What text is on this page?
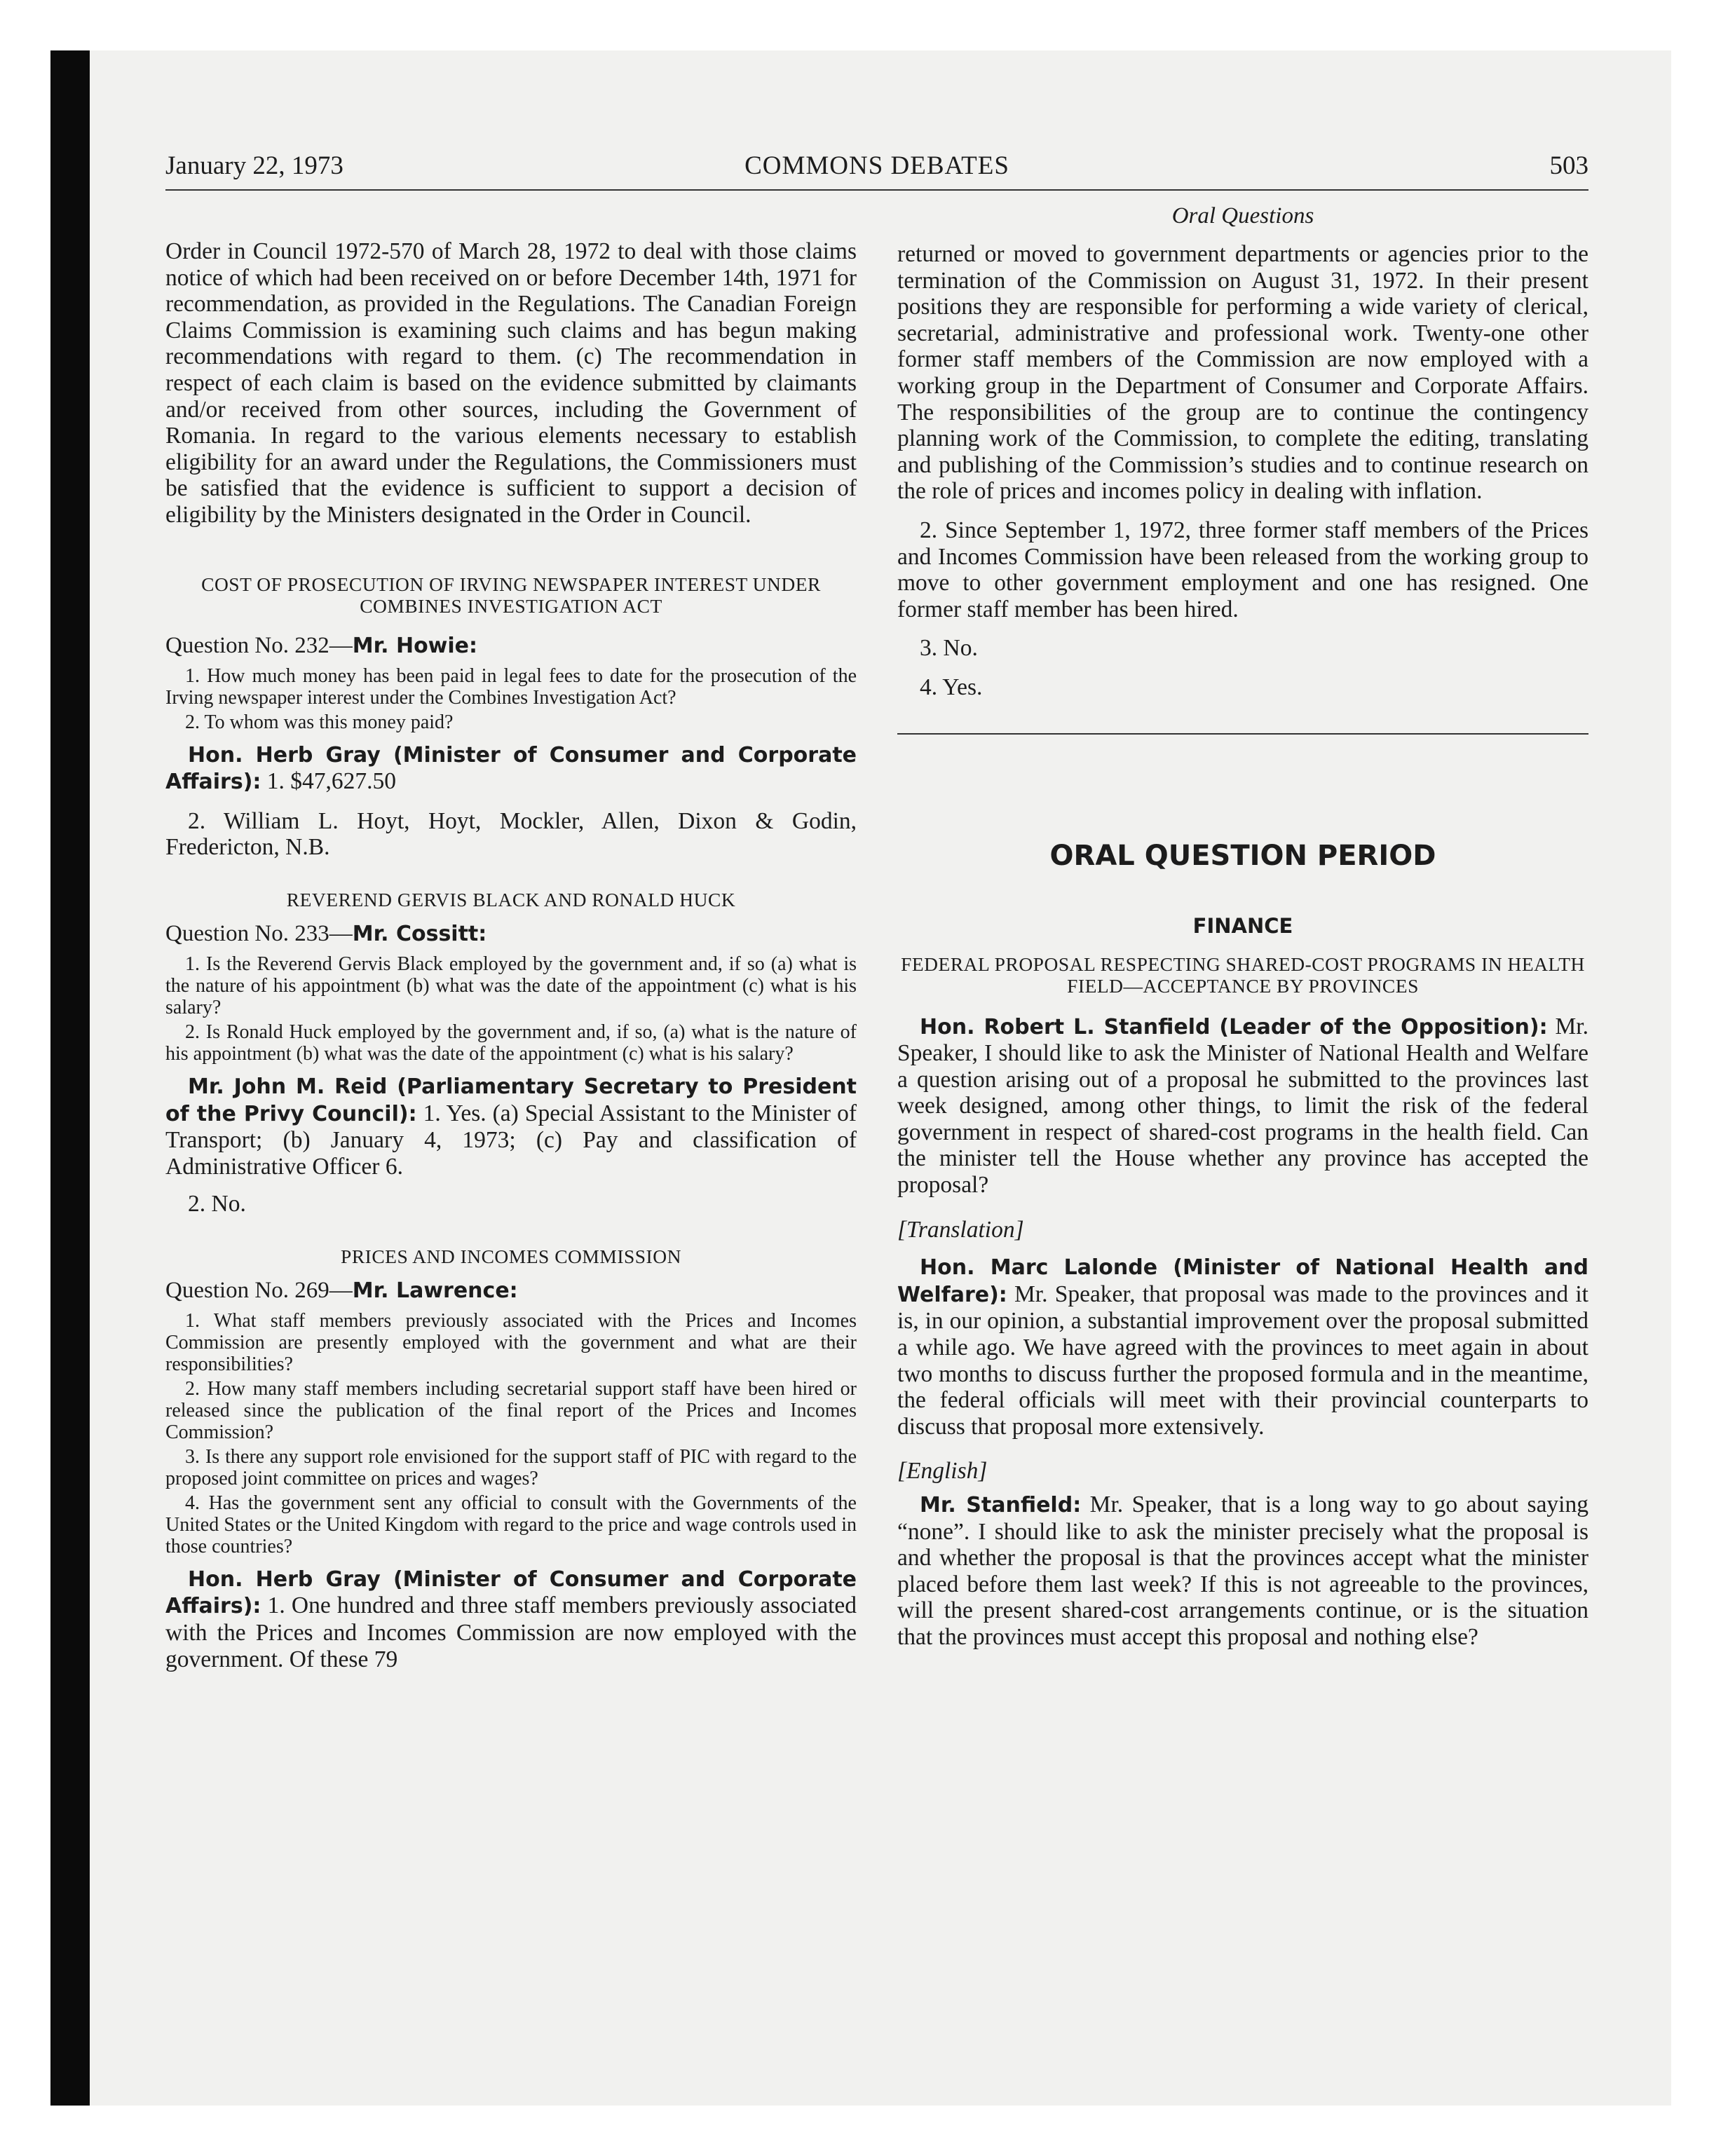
January 22, 1973	COMMONS DEBATES	503
Oral Questions

Order in Council 1972-570 of March 28, 1972 to deal with those claims notice of which had been received on or before December 14th, 1971 for recommendation, as provided in the Regulations. The Canadian Foreign Claims Commission is examining such claims and has begun making recommendations with regard to them. (c) The recommendation in respect of each claim is based on the evidence submitted by claimants and/or received from other sources, including the Government of Romania. In regard to the various elements necessary to establish eligibility for an award under the Regulations, the Commissioners must be satisfied that the evidence is sufficient to support a decision of eligibility by the Ministers designated in the Order in Council.

COST OF PROSECUTION OF IRVING NEWSPAPER INTEREST UNDER COMBINES INVESTIGATION ACT

Question No. 232—Mr. Howie:

1. How much money has been paid in legal fees to date for the prosecution of the Irving newspaper interest under the Combines Investigation Act?

2. To whom was this money paid?

Hon. Herb Gray (Minister of Consumer and Corporate Affairs): 1. $47,627.50

2. William L. Hoyt, Hoyt, Mockler, Allen, Dixon & Godin, Fredericton, N.B.

REVEREND GERVIS BLACK AND RONALD HUCK

Question No. 233—Mr. Cossitt:

1. Is the Reverend Gervis Black employed by the government and, if so (a) what is the nature of his appointment (b) what was the date of the appointment (c) what is his salary?

2. Is Ronald Huck employed by the government and, if so, (a) what is the nature of his appointment (b) what was the date of the appointment (c) what is his salary?

Mr. John M. Reid (Parliamentary Secretary to President of the Privy Council): 1. Yes. (a) Special Assistant to the Minister of Transport; (b) January 4, 1973; (c) Pay and classification of Administrative Officer 6.

2. No.

PRICES AND INCOMES COMMISSION

Question No. 269—Mr. Lawrence:

1. What staff members previously associated with the Prices and Incomes Commission are presently employed with the government and what are their responsibilities?

2. How many staff members including secretarial support staff have been hired or released since the publication of the final report of the Prices and Incomes Commission?

3. Is there any support role envisioned for the support staff of PIC with regard to the proposed joint committee on prices and wages?

4. Has the government sent any official to consult with the Governments of the United States or the United Kingdom with regard to the price and wage controls used in those countries?

Hon. Herb Gray (Minister of Consumer and Corporate Affairs): 1. One hundred and three staff members previously associated with the Prices and Incomes Commission are now employed with the government. Of these 79

returned or moved to government departments or agencies prior to the termination of the Commission on August 31, 1972. In their present positions they are responsible for performing a wide variety of clerical, secretarial, administrative and professional work. Twenty-one other former staff members of the Commission are now employed with a working group in the Department of Consumer and Corporate Affairs. The responsibilities of the group are to continue the contingency planning work of the Commission, to complete the editing, translating and publishing of the Commission’s studies and to continue research on the role of prices and incomes policy in dealing with inflation.

2. Since September 1, 1972, three former staff members of the Prices and Incomes Commission have been released from the working group to move to other government employment and one has resigned. One former staff member has been hired.

3. No.

4. Yes.

ORAL QUESTION PERIOD

FINANCE

FEDERAL PROPOSAL RESPECTING SHARED-COST PROGRAMS IN HEALTH FIELD—ACCEPTANCE BY PROVINCES

Hon. Robert L. Stanfield (Leader of the Opposition): Mr. Speaker, I should like to ask the Minister of National Health and Welfare a question arising out of a proposal he submitted to the provinces last week designed, among other things, to limit the risk of the federal government in respect of shared-cost programs in the health field. Can the minister tell the House whether any province has accepted the proposal?

[Translation]

Hon. Marc Lalonde (Minister of National Health and Welfare): Mr. Speaker, that proposal was made to the provinces and it is, in our opinion, a substantial improvement over the proposal submitted a while ago. We have agreed with the provinces to meet again in about two months to discuss further the proposed formula and in the meantime, the federal officials will meet with their provincial counterparts to discuss that proposal more extensively.

[English]

Mr. Stanfield: Mr. Speaker, that is a long way to go about saying “none”. I should like to ask the minister precisely what the proposal is and whether the proposal is that the provinces accept what the minister placed before them last week? If this is not agreeable to the provinces, will the present shared-cost arrangements continue, or is the situation that the provinces must accept this proposal and nothing else?
